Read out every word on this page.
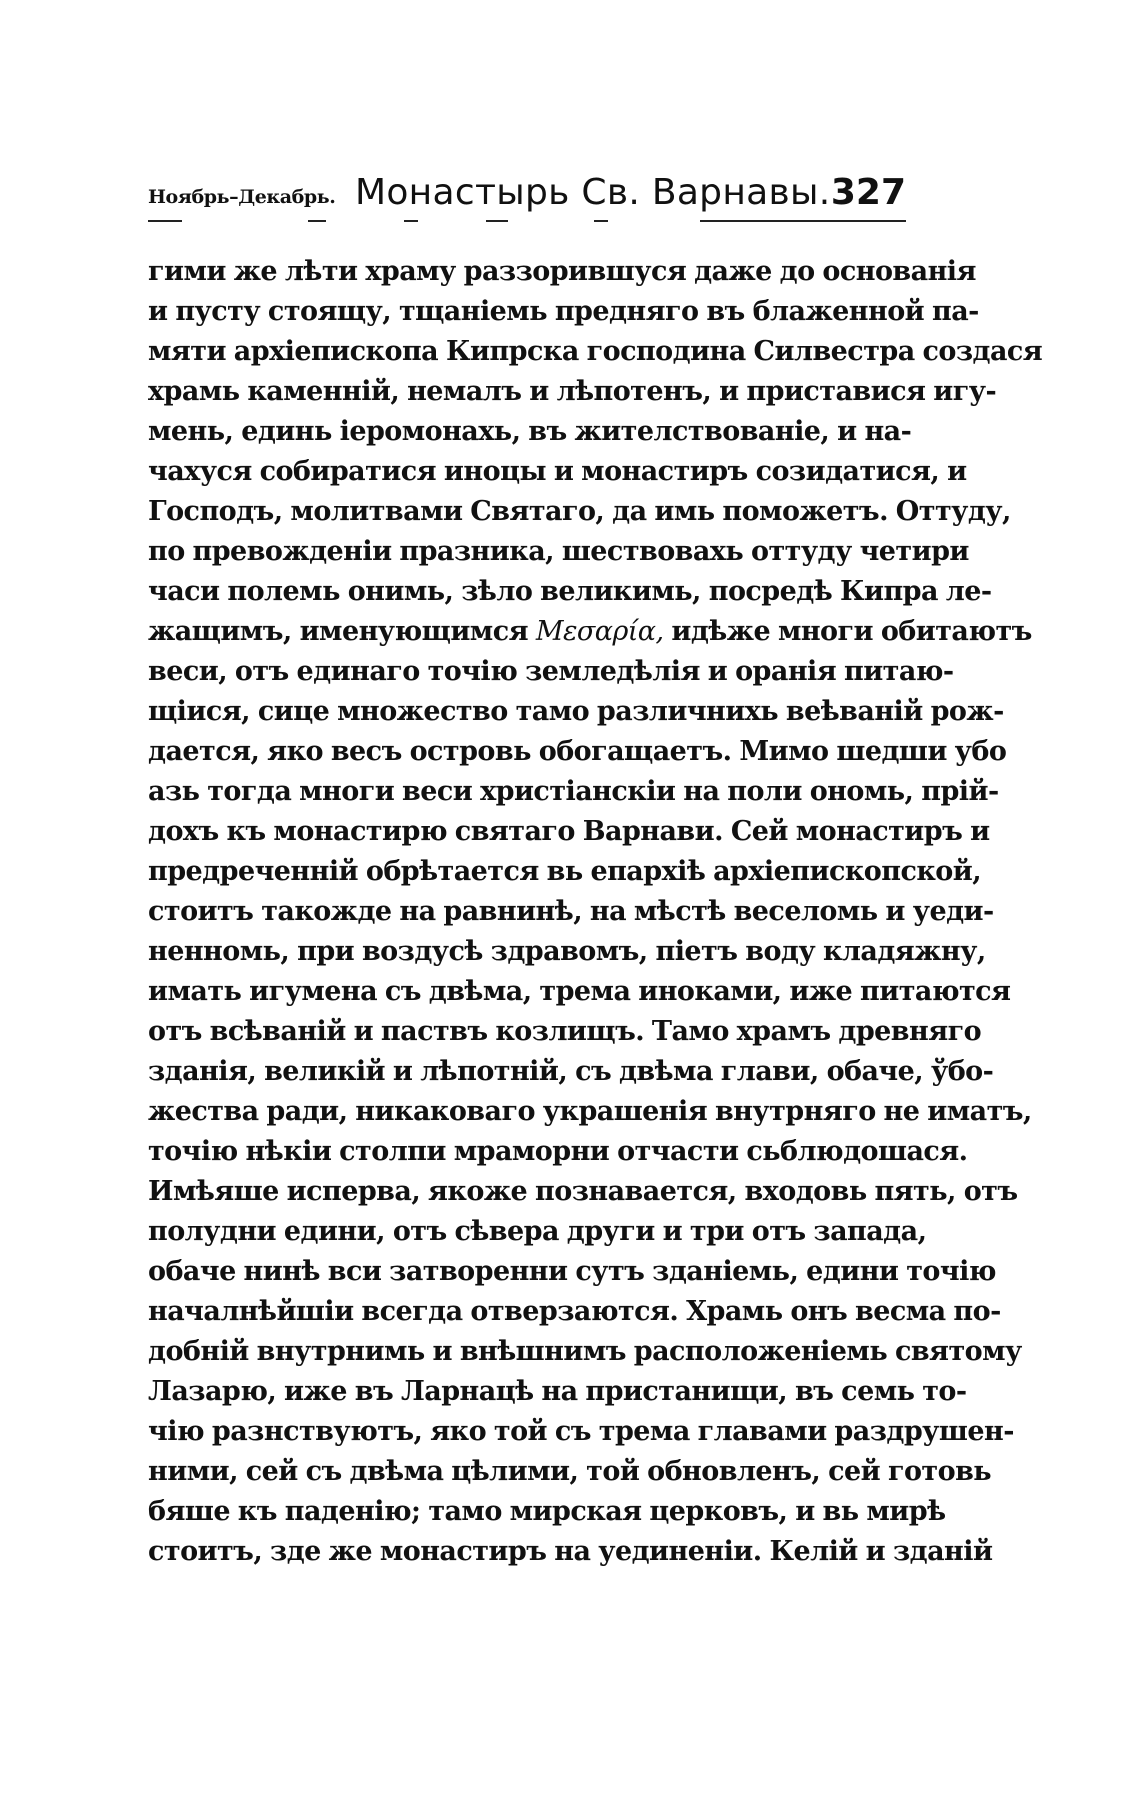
Ноябрь–Декабрь. Монастырь Св. Варнавы. 327
гими же лѣти храму раззорившуся даже до основанія
и пусту стоящу, тщаніемь предняго въ блаженной па-
мяти архіепископа Кипрска господина Силвестра создася
храмь каменній, немалъ и лѣпотенъ, и приставися игу-
мень, единь іеромонахь, въ жителствованіе, и на-
чахуся собиратися иноцы и монастиръ созидатися, и
Господъ, молитвами Святаго, да имь поможетъ. Оттуду,
по превожденіи празника, шествовахь оттуду четири
часи полемь онимь, зѣло великимь, посредѣ Кипра ле-
жащимъ, именующимся Μεσαρία, идѣже многи обитаютъ
веси, отъ единаго точію земледѣлія и оранія питаю-
щіися, сице множество тамо различнихь веѣваній рож-
дается, яко весъ островь обогащаетъ. Мимо шедши убо
азь тогда многи веси христіанскіи на поли ономь, прій-
дохъ къ монастирю святаго Варнави. Сей монастиръ и
предреченній обрѣтается вь епархіѣ архіепископской,
стоитъ такожде на равнинѣ, на мѣстѣ веселомь и уеди-
ненномь, при воздусѣ здравомъ, піетъ воду кладяжну,
имать игумена съ двѣма, трема иноками, иже питаются
отъ всѣваній и паствъ козлищъ. Тамо храмъ древняго
зданія, великій и лѣпотній, съ двѣма глави, обаче, ўбо-
жества ради, никаковаго украшенія внутрняго не иматъ,
точію нѣкіи столпи мраморни отчасти сьблюдошася.
Имѣяше исперва, якоже познавается, входовь пять, отъ
полудни едини, отъ сѣвера други и три отъ запада,
обаче нинѣ вси затворенни сутъ зданіемь, едини точію
началнѣйшіи всегда отверзаются. Храмь онъ весма по-
добній внутрнимь и внѣшнимъ расположеніемь святому
Лазарю, иже въ Ларнацѣ на пристанищи, въ семь то-
чію разнствуютъ, яко той съ трема главами раздрушен-
ними, сей съ двѣма цѣлими, той обновленъ, сей готовь
бяше къ паденію; тамо мирская церковъ, и вь мирѣ
стоитъ, зде же монастиръ на уединеніи. Келій и зданій
